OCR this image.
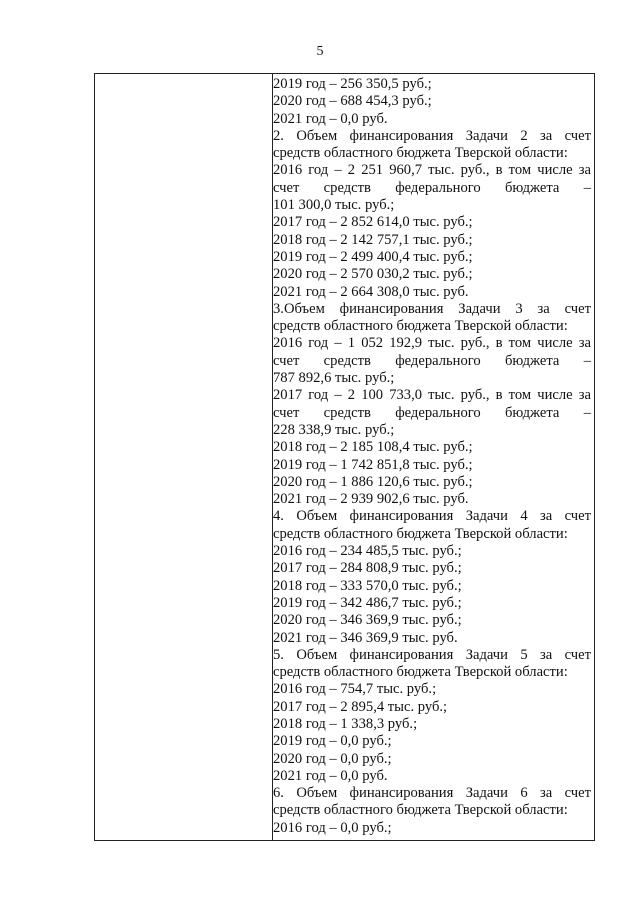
5
2019 год – 256 350,5 руб.;
2020 год – 688 454,3 руб.;
2021 год – 0,0 руб.
2. Объем финансирования Задачи 2 за счет
средств областного бюджета Тверской области:
2016 год – 2 251 960,7 тыс. руб., в том числе за
счет средств федерального бюджета –
101 300,0 тыс. руб.;
2017 год – 2 852 614,0 тыс. руб.;
2018 год – 2 142 757,1 тыс. руб.;
2019 год – 2 499 400,4 тыс. руб.;
2020 год – 2 570 030,2 тыс. руб.;
2021 год – 2 664 308,0 тыс. руб.
3.Объем финансирования Задачи 3 за счет
средств областного бюджета Тверской области:
2016 год – 1 052 192,9 тыс. руб., в том числе за
счет средств федерального бюджета –
787 892,6 тыс. руб.;
2017 год – 2 100 733,0 тыс. руб., в том числе за
счет средств федерального бюджета –
228 338,9 тыс. руб.;
2018 год – 2 185 108,4 тыс. руб.;
2019 год – 1 742 851,8 тыс. руб.;
2020 год – 1 886 120,6 тыс. руб.;
2021 год – 2 939 902,6 тыс. руб.
4. Объем финансирования Задачи 4 за счет
средств областного бюджета Тверской области:
2016 год – 234 485,5 тыс. руб.;
2017 год – 284 808,9 тыс. руб.;
2018 год – 333 570,0 тыс. руб.;
2019 год – 342 486,7 тыс. руб.;
2020 год – 346 369,9 тыс. руб.;
2021 год – 346 369,9 тыс. руб.
5. Объем финансирования Задачи 5 за счет
средств областного бюджета Тверской области:
2016 год – 754,7 тыс. руб.;
2017 год – 2 895,4 тыс. руб.;
2018 год – 1 338,3 руб.;
2019 год – 0,0 руб.;
2020 год – 0,0 руб.;
2021 год – 0,0 руб.
6. Объем финансирования Задачи 6 за счет
средств областного бюджета Тверской области:
2016 год – 0,0 руб.;
